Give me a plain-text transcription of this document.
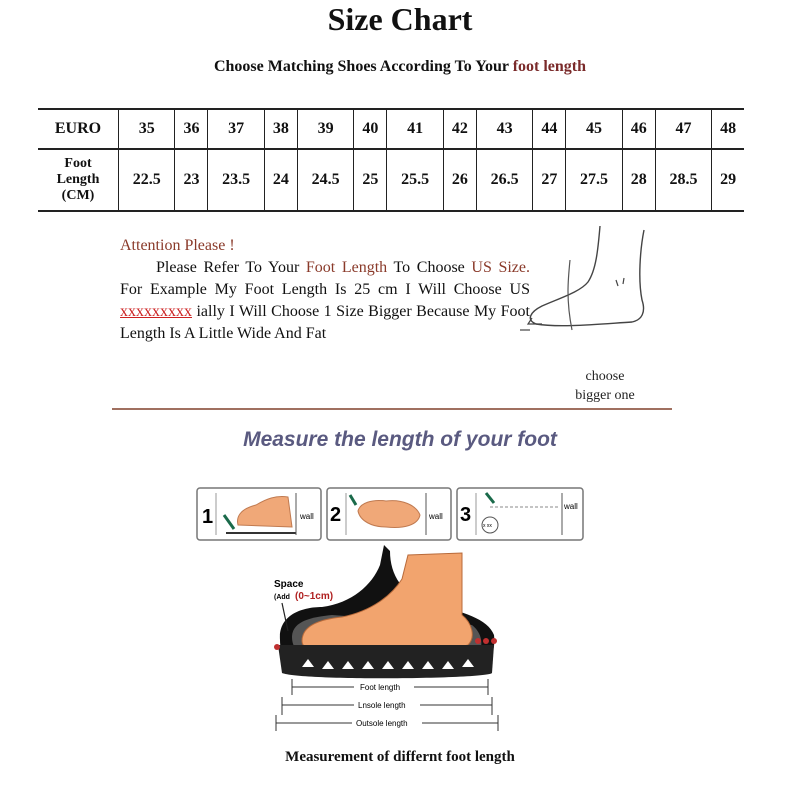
Size Chart
Choose Matching Shoes According To Your foot length
EURO	35	36	37	38	39	40	41	42	43	44	45	46	47	48
Foot
Length
(CM)	22.5	23	23.5	24	24.5	25	25.5	26	26.5	27	27.5	28	28.5	29
Attention Please !
Please Refer To Your Foot Length To Choose US Size. For Example My Foot Length Is 25 cm I Will Choose US xxxxxxxxx ially I Will Choose 1 Size Bigger Because My Foot Length Is A Little Wide And Fat
choose
bigger one
Measure the length of your foot
1	wall 2	wall 3 x xx
wall
Space
(Add (0~1cm)
Foot length
Lnsole length
Outsole length
Measurement of differnt foot length
